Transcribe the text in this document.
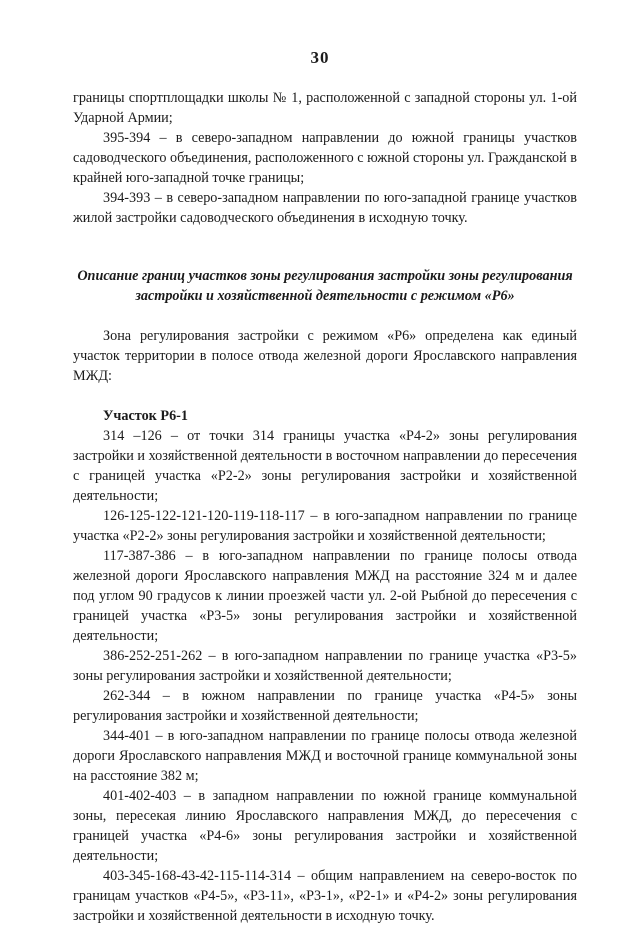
30

границы спортплощадки школы № 1, расположенной с западной стороны ул. 1-ой Ударной Армии;

395-394 – в северо-западном направлении до южной границы участков садоводческого объединения, расположенного с южной стороны ул. Гражданской в крайней юго-западной точке границы;

394-393 – в северо-западном направлении по юго-западной границе участков жилой застройки садоводческого объединения в исходную точку.

Описание границ участков зоны регулирования застройки зоны регулирования застройки и хозяйственной деятельности с режимом «Р6»

Зона регулирования застройки с режимом «Р6» определена как единый участок территории в полосе отвода железной дороги Ярославского направления МЖД:

Участок Р6-1

314 –126 – от точки 314 границы участка «Р4-2» зоны регулирования застройки и хозяйственной деятельности в восточном направлении до пересечения с границей участка «Р2-2» зоны регулирования застройки и хозяйственной деятельности;

126-125-122-121-120-119-118-117 – в юго-западном направлении по границе участка «Р2-2» зоны регулирования застройки и хозяйственной деятельности;

117-387-386 – в юго-западном направлении по границе полосы отвода железной дороги Ярославского направления МЖД на расстояние 324 м и далее под углом 90 градусов к линии проезжей части ул. 2-ой Рыбной до пересечения с границей участка «Р3-5» зоны регулирования застройки и хозяйственной деятельности;

386-252-251-262 – в юго-западном направлении по границе участка «Р3-5» зоны регулирования застройки и хозяйственной деятельности;

262-344 – в южном направлении по границе участка «Р4-5» зоны регулирования застройки и хозяйственной деятельности;

344-401 – в юго-западном направлении по границе полосы отвода железной дороги Ярославского направления МЖД и восточной границе коммунальной зоны на расстояние 382 м;

401-402-403 – в западном направлении по южной границе коммунальной зоны, пересекая линию Ярославского направления МЖД, до пересечения с границей участка «Р4-6» зоны регулирования застройки и хозяйственной деятельности;

403-345-168-43-42-115-114-314 – общим направлением на северо-восток по границам участков «Р4-5», «Р3-11», «Р3-1», «Р2-1» и «Р4-2» зоны регулирования застройки и хозяйственной деятельности в исходную точку.
